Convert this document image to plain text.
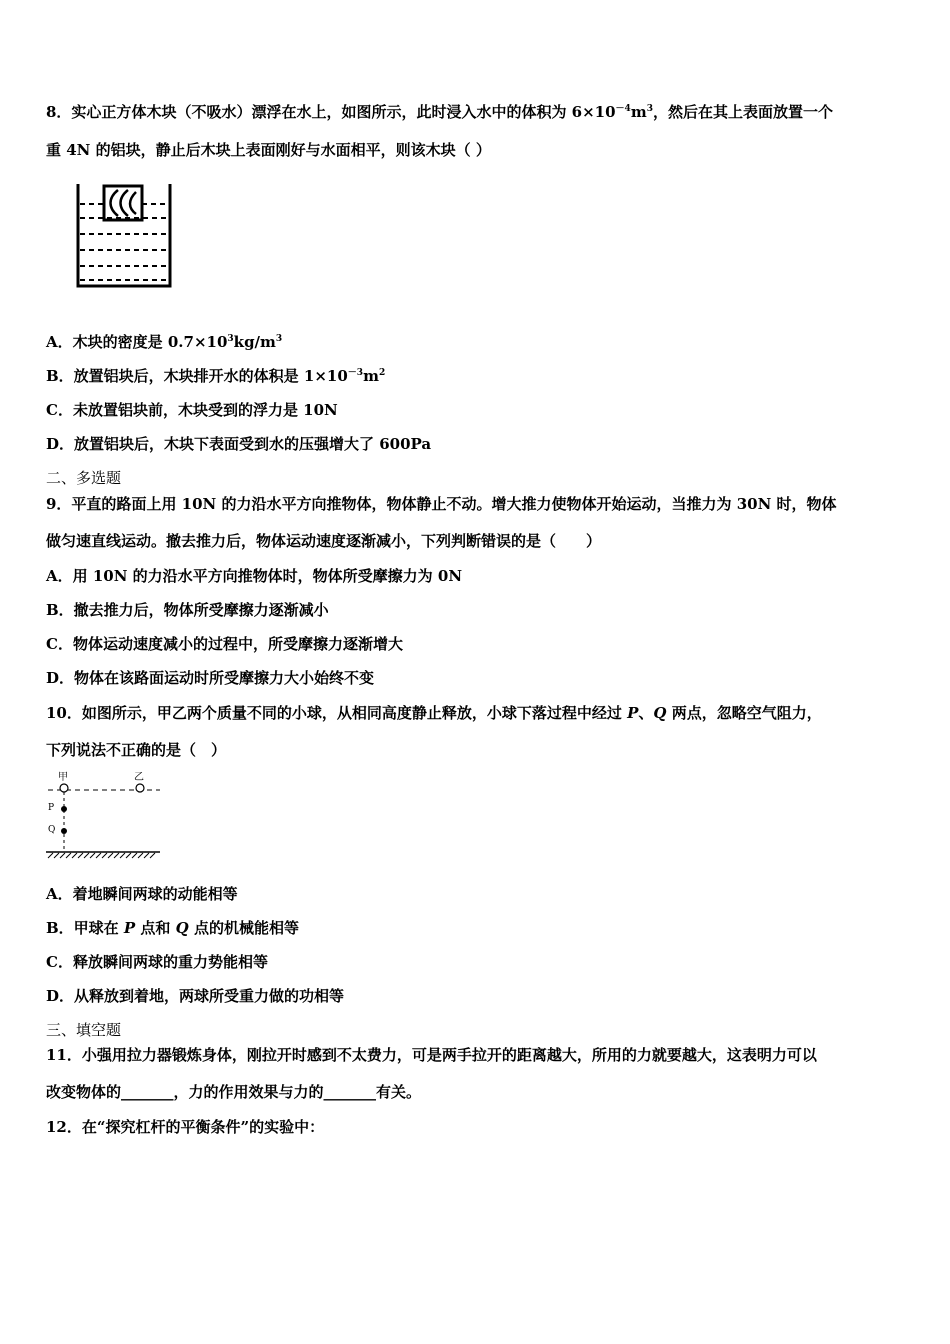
8．实心正方体木块（不吸水）漂浮在水上，如图所示，此时浸入水中的体积为 $6\times 10^{-4}m^3$，然后在其上表面放置一个
重 4N 的铝块，静止后木块上表面刚好与水面相平，则该木块（ ）
A．木块的密度是 $0.7\times 10^3kg/m^3$
B．放置铝块后，木块排开水的体积是 $1\times 10^{-3}m^2$
C．未放置铝块前，木块受到的浮力是 10N
D．放置铝块后，木块下表面受到水的压强增大了 600Pa
二、多选题
9．平直的路面上用 10N 的力沿水平方向推物体，物体静止不动。增大推力使物体开始运动，当推力为 30N 时，物体
做匀速直线运动。撤去推力后，物体运动速度逐渐减小，下列判断错误的是（　　）
A．用 10N 的力沿水平方向推物体时，物体所受摩擦力为 0N
B．撤去推力后，物体所受摩擦力逐渐减小
C．物体运动速度减小的过程中，所受摩擦力逐渐增大
D．物体在该路面运动时所受摩擦力大小始终不变
10．如图所示，甲乙两个质量不同的小球，从相同高度静止释放，小球下落过程中经过 P、Q 两点，忽略空气阻力，
下列说法不正确的是（　）
甲	乙
P
Q
A．着地瞬间两球的动能相等
B．甲球在 P 点和 Q 点的机械能相等
C．释放瞬间两球的重力势能相等
D．从释放到着地，两球所受重力做的功相等
三、填空题
11．小强用拉力器锻炼身体，刚拉开时感到不太费力，可是两手拉开的距离越大，所用的力就要越大，这表明力可以
改变物体的_______，力的作用效果与力的_______有关。
12．在“探究杠杆的平衡条件”的实验中：
